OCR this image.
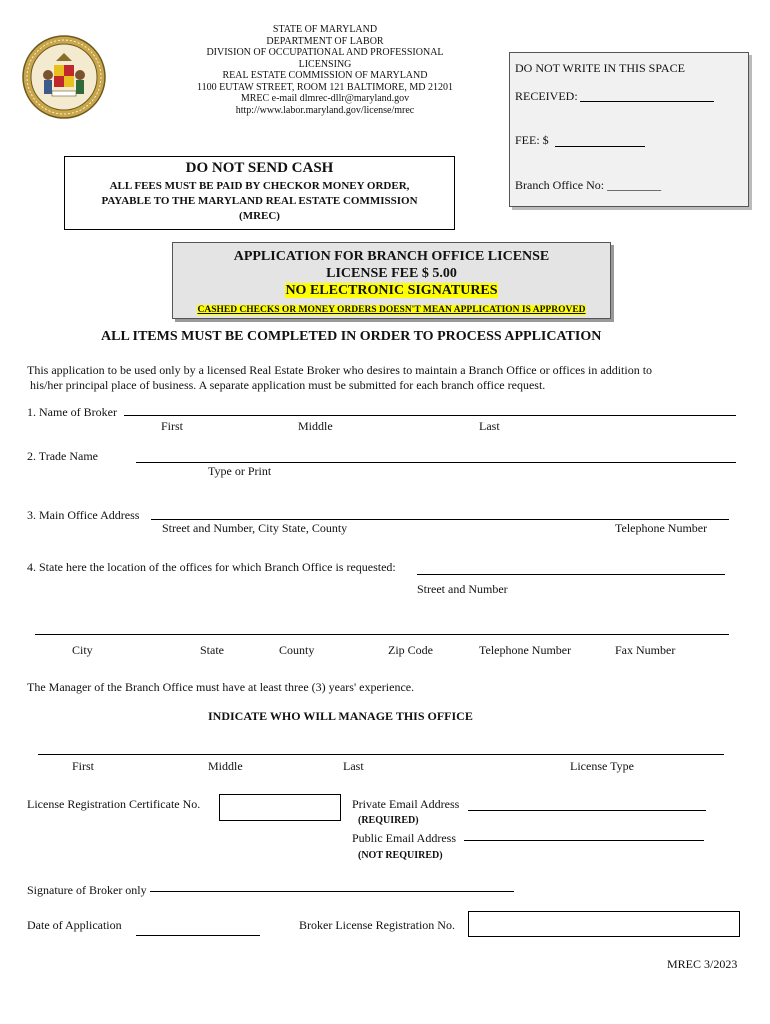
STATE OF MARYLAND
DEPARTMENT OF LABOR
DIVISION OF OCCUPATIONAL AND PROFESSIONAL
LICENSING
REAL ESTATE COMMISSION OF MARYLAND
1100 EUTAW STREET, ROOM 121 BALTIMORE, MD 21201
MREC e-mail dlmrec-dllr@maryland.gov
http://www.labor.maryland.gov/license/mrec
DO NOT WRITE IN THIS SPACE
RECEIVED:
FEE: $
Branch Office No: _________
DO NOT SEND CASH
ALL FEES MUST BE PAID BY CHECKOR MONEY ORDER,
PAYABLE TO THE MARYLAND REAL ESTATE COMMISSION
(MREC)
APPLICATION FOR BRANCH OFFICE LICENSE
LICENSE FEE $ 5.00
NO ELECTRONIC SIGNATURES
CASHED CHECKS OR MONEY ORDERS DOESN'T MEAN APPLICATION IS APPROVED
ALL ITEMS MUST BE COMPLETED IN ORDER TO PROCESS APPLICATION
This application to be used only by a licensed Real Estate Broker who desires to maintain a Branch Office or offices in addition to
his/her principal place of business. A separate application must be submitted for each branch office request.
1. Name of Broker
First	Middle	Last
2. Trade Name
Type or Print
3. Main Office Address
Street and Number, City State, County	Telephone Number
4. State here the location of the offices for which Branch Office is requested:
Street and Number
City	State	County	Zip Code	Telephone Number	Fax Number
The Manager of the Branch Office must have at least three (3) years' experience.
INDICATE WHO WILL MANAGE THIS OFFICE
First	Middle	Last	License Type
License Registration Certificate No.	Private Email Address
(REQUIRED)
Public Email Address
(NOT REQUIRED)
Signature of Broker only
Date of Application	Broker License Registration No.
MREC 3/2023
